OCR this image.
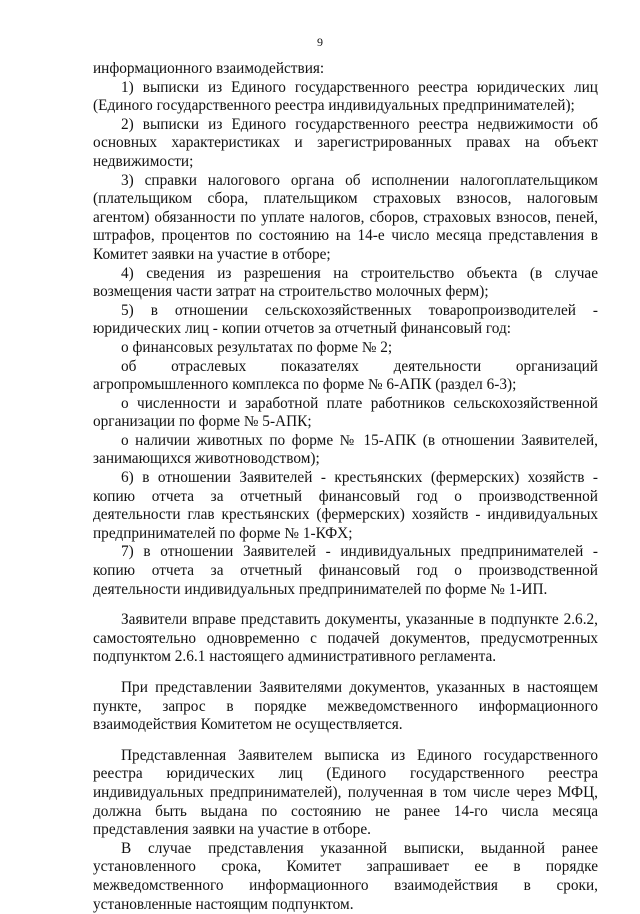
9

информационного взаимодействия:

1) выписки из Единого государственного реестра юридических лиц (Единого государственного реестра индивидуальных предпринимателей);

2) выписки из Единого государственного реестра недвижимости об основных характеристиках и зарегистрированных правах на объект недвижимости;

3) справки налогового органа об исполнении налогоплательщиком (плательщиком сбора, плательщиком страховых взносов, налоговым агентом) обязанности по уплате налогов, сборов, страховых взносов, пеней, штрафов, процентов по состоянию на 14-е число месяца представления в Комитет заявки на участие в отборе;

4) сведения из разрешения на строительство объекта (в случае возмещения части затрат на строительство молочных ферм);

5) в отношении сельскохозяйственных товаропроизводителей - юридических лиц - копии отчетов за отчетный финансовый год:

о финансовых результатах по форме № 2;

об отраслевых показателях деятельности организаций агропромышленного комплекса по форме № 6-АПК (раздел 6-3);

о численности и заработной плате работников сельскохозяйственной организации по форме № 5-АПК;

о наличии животных по форме № 15-АПК (в отношении Заявителей, занимающихся животноводством);

6) в отношении Заявителей - крестьянских (фермерских) хозяйств - копию отчета за отчетный финансовый год о производственной деятельности глав крестьянских (фермерских) хозяйств - индивидуальных предпринимателей по форме № 1-КФХ;

7) в отношении Заявителей - индивидуальных предпринимателей - копию отчета за отчетный финансовый год о производственной деятельности индивидуальных предпринимателей по форме № 1-ИП.

Заявители вправе представить документы, указанные в подпункте 2.6.2, самостоятельно одновременно с подачей документов, предусмотренных подпунктом 2.6.1 настоящего административного регламента.

При представлении Заявителями документов, указанных в настоящем пункте, запрос в порядке межведомственного информационного взаимодействия Комитетом не осуществляется.

Представленная Заявителем выписка из Единого государственного реестра юридических лиц (Единого государственного реестра индивидуальных предпринимателей), полученная в том числе через МФЦ, должна быть выдана по состоянию не ранее 14-го числа месяца представления заявки на участие в отборе.

В случае представления указанной выписки, выданной ранее установленного срока, Комитет запрашивает ее в порядке межведомственного информационного взаимодействия в сроки, установленные настоящим подпунктом.
